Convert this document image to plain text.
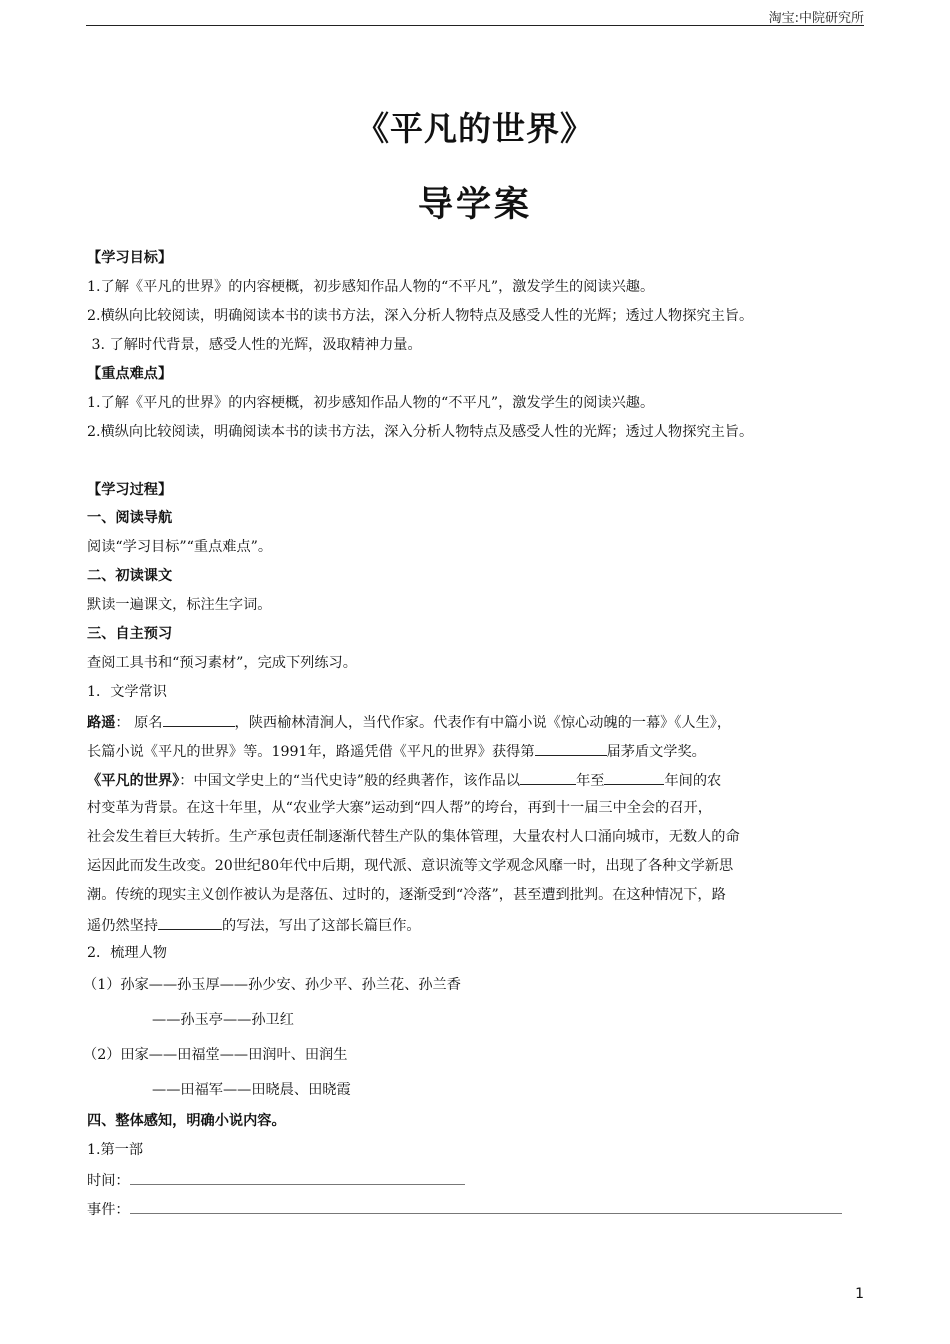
淘宝:中院研究所
《平凡的世界》
导学案
【学习目标】
1.了解《平凡的世界》的内容梗概，初步感知作品人物的“不平凡”，激发学生的阅读兴趣。
2.横纵向比较阅读，明确阅读本书的读书方法，深入分析人物特点及感受人性的光辉；透过人物探究主旨。
3. 了解时代背景，感受人性的光辉，汲取精神力量。
【重点难点】
1.了解《平凡的世界》的内容梗概，初步感知作品人物的“不平凡”，激发学生的阅读兴趣。
2.横纵向比较阅读，明确阅读本书的读书方法，深入分析人物特点及感受人性的光辉；透过人物探究主旨。
【学习过程】
一、阅读导航
阅读“学习目标”“重点难点”。
二、初读课文
默读一遍课文，标注生字词。
三、自主预习
查阅工具书和“预习素材”，完成下列练习。
1．文学常识
路遥： 原名	，陕西榆林清涧人，当代作家。代表作有中篇小说《惊心动魄的一幕》《人生》，
长篇小说《平凡的世界》等。1991年，路遥凭借《平凡的世界》获得第	届茅盾文学奖。
《平凡的世界》：中国文学史上的“当代史诗”般的经典著作，该作品以	年至	年间的农
村变革为背景。在这十年里，从“农业学大寨”运动到“四人帮”的垮台，再到十一届三中全会的召开，
社会发生着巨大转折。生产承包责任制逐渐代替生产队的集体管理，大量农村人口涌向城市，无数人的命
运因此而发生改变。20世纪80年代中后期，现代派、意识流等文学观念风靡一时，出现了各种文学新思
潮。传统的现实主义创作被认为是落伍、过时的，逐渐受到“冷落”，甚至遭到批判。在这种情况下，路
遥仍然坚持	的写法，写出了这部长篇巨作。
2．梳理人物
（1）孙家——孙玉厚——孙少安、孙少平、孙兰花、孙兰香
——孙玉亭——孙卫红
（2）田家——田福堂——田润叶、田润生
——田福军——田晓晨、田晓霞
四、整体感知，明确小说内容。
1.第一部
时间：
事件：
1
